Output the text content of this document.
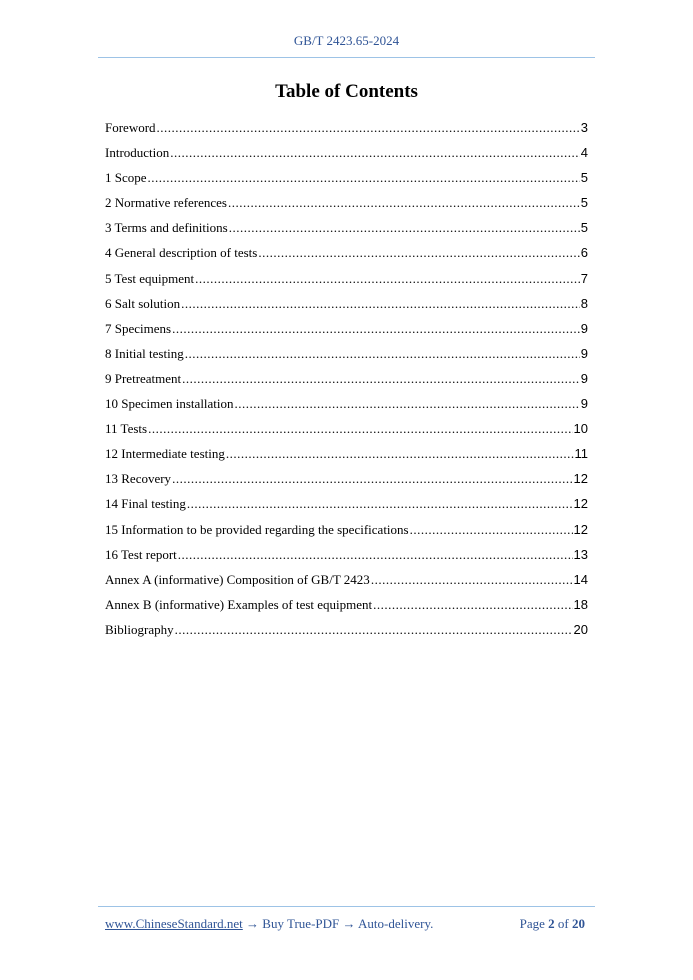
GB/T 2423.65-2024
Table of Contents
Foreword .....	3
Introduction .....	4
1 Scope .....	5
2 Normative references .....	5
3 Terms and definitions .....	5
4 General description of tests .....	6
5 Test equipment .....	7
6 Salt solution .....	8
7 Specimens .....	9
8 Initial testing .....	9
9 Pretreatment .....	9
10 Specimen installation .....	9
11 Tests .....	10
12 Intermediate testing .....	11
13 Recovery .....	12
14 Final testing .....	12
15 Information to be provided regarding the specifications .....	12
16 Test report .....	13
Annex A (informative) Composition of GB/T 2423 .....	14
Annex B (informative) Examples of test equipment .....	18
Bibliography .....	20
www.ChineseStandard.net → Buy True-PDF → Auto-delivery.	Page 2 of 20
